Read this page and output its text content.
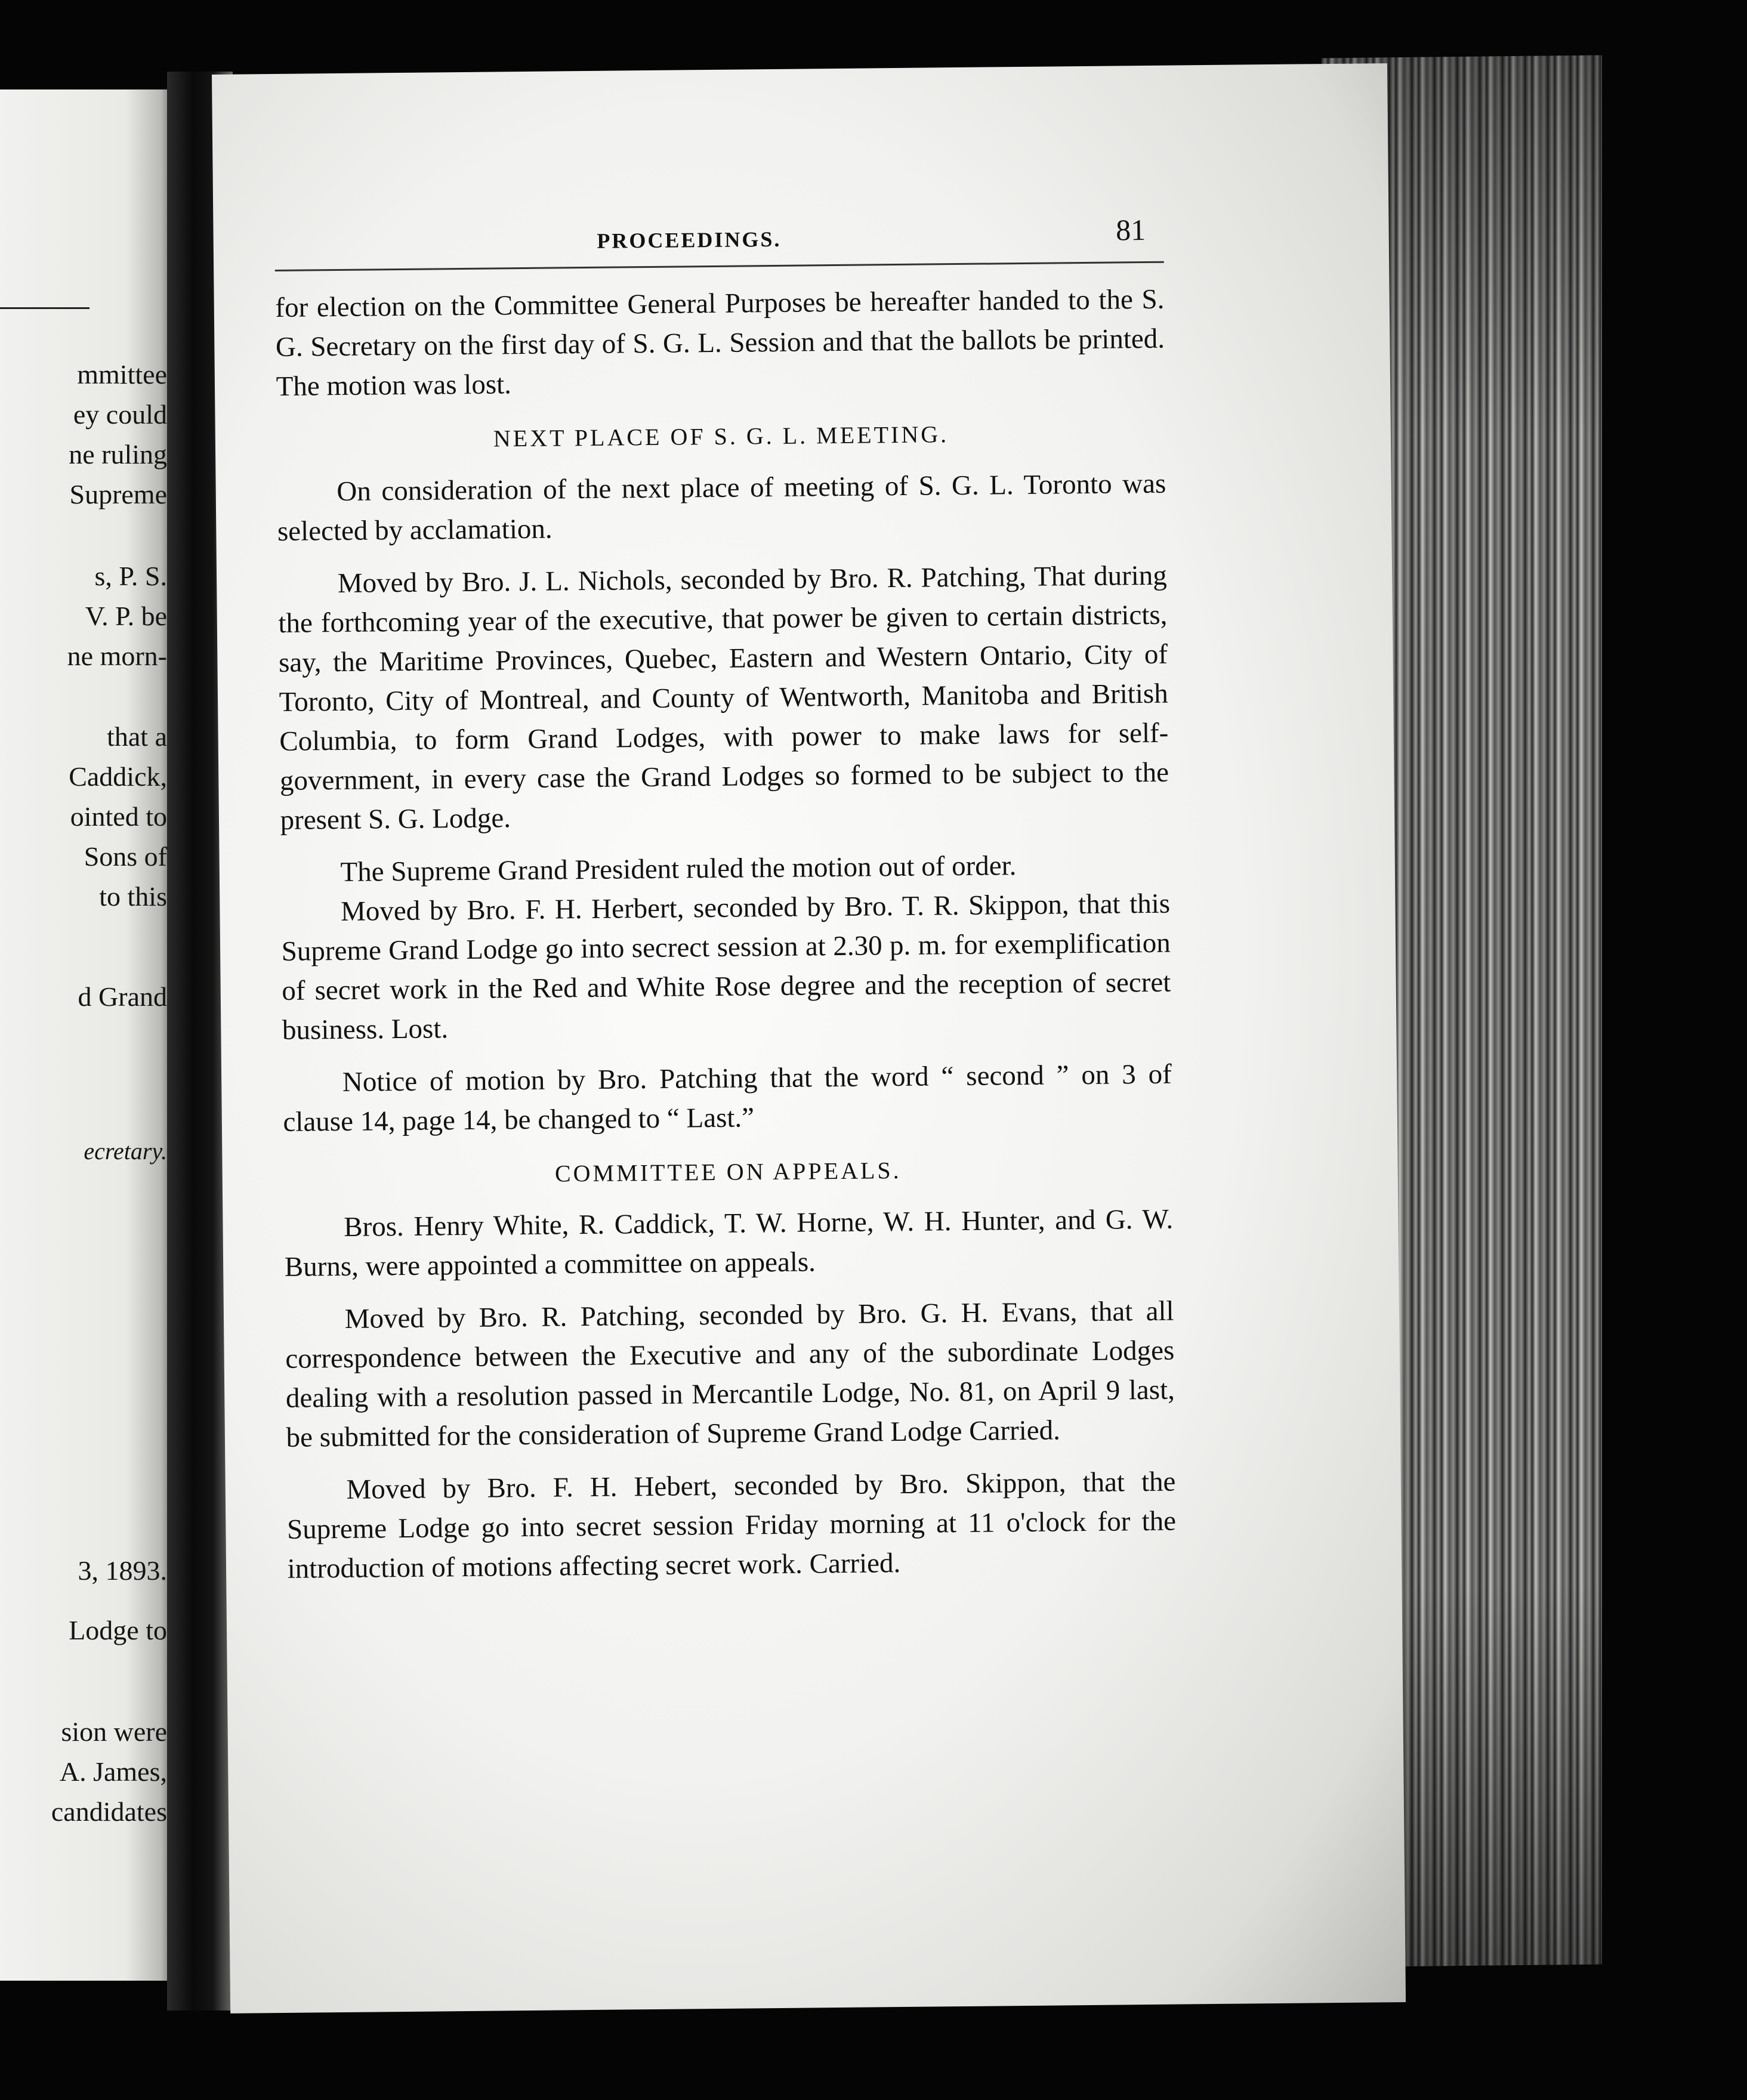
mmittee
ey could
ne ruling
Supreme
s, P. S.
V. P. be
ne morn-
that a
Caddick,
ointed to
Sons of
to this
d Grand
ecretary.
3, 1893.
Lodge to
sion were
A. James,
candidates
PROCEEDINGS.	81

for election on the Committee General Purposes be hereafter handed to the S. G. Secretary on the first day of S. G. L. Session and that the ballots be printed. The motion was lost.

NEXT PLACE OF S. G. L. MEETING.

On consideration of the next place of meeting of S. G. L. Toronto was selected by acclamation.

Moved by Bro. J. L. Nichols, seconded by Bro. R. Patching, That during the forthcoming year of the executive, that power be given to certain districts, say, the Maritime Provinces, Quebec, Eastern and Western Ontario, City of Toronto, City of Montreal, and County of Wentworth, Manitoba and British Columbia, to form Grand Lodges, with power to make laws for self-government, in every case the Grand Lodges so formed to be subject to the present S. G. Lodge.

The Supreme Grand President ruled the motion out of order.

Moved by Bro. F. H. Herbert, seconded by Bro. T. R. Skippon, that this Supreme Grand Lodge go into secrect session at 2.30 p. m. for exemplification of secret work in the Red and White Rose degree and the reception of secret business. Lost.

Notice of motion by Bro. Patching that the word “ second ” on 3 of clause 14, page 14, be changed to “ Last.”

COMMITTEE ON APPEALS.

Bros. Henry White, R. Caddick, T. W. Horne, W. H. Hunter, and G. W. Burns, were appointed a committee on appeals.

Moved by Bro. R. Patching, seconded by Bro. G. H. Evans, that all correspondence between the Executive and any of the subordinate Lodges dealing with a resolution passed in Mercantile Lodge, No. 81, on April 9 last, be submitted for the consideration of Supreme Grand Lodge Carried.

Moved by Bro. F. H. Hebert, seconded by Bro. Skippon, that the Supreme Lodge go into secret session Friday morning at 11 o'clock for the introduction of motions affecting secret work. Carried.
